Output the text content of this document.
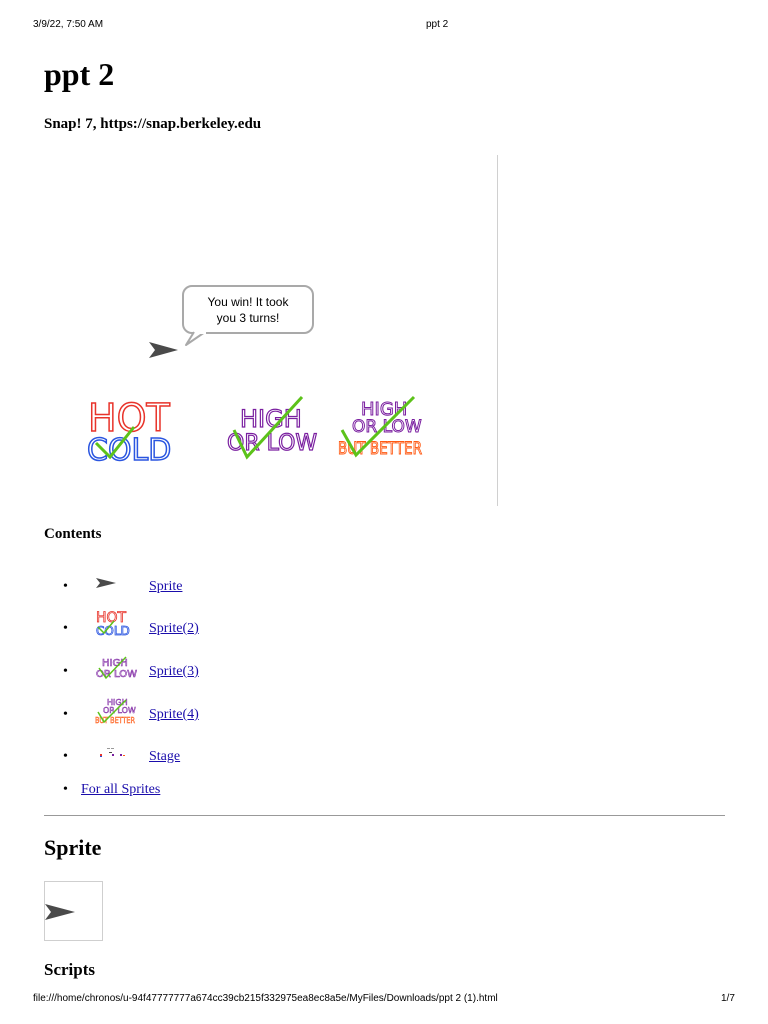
3/9/22, 7:50 AM	ppt 2
ppt 2

Snap! 7, https://snap.berkeley.edu

You win! It took
you 3 turns!
HOT
COLD
HIGH
OR LOW
HIGH
OR LOW
BUT BETTER
Contents
•	Sprite
•
HOT
COLD Sprite(2)
•
HIGH
OR LOW Sprite(3)
•
HIGH
OR LOW
BUT BETTER Sprite(4)
•	Stage
• For all Sprites
Sprite
Scripts
file:///home/chronos/u-94f47777777a674cc39cb215f332975ea8ec8a5e/MyFiles/Downloads/ppt 2 (1).html	1/7
